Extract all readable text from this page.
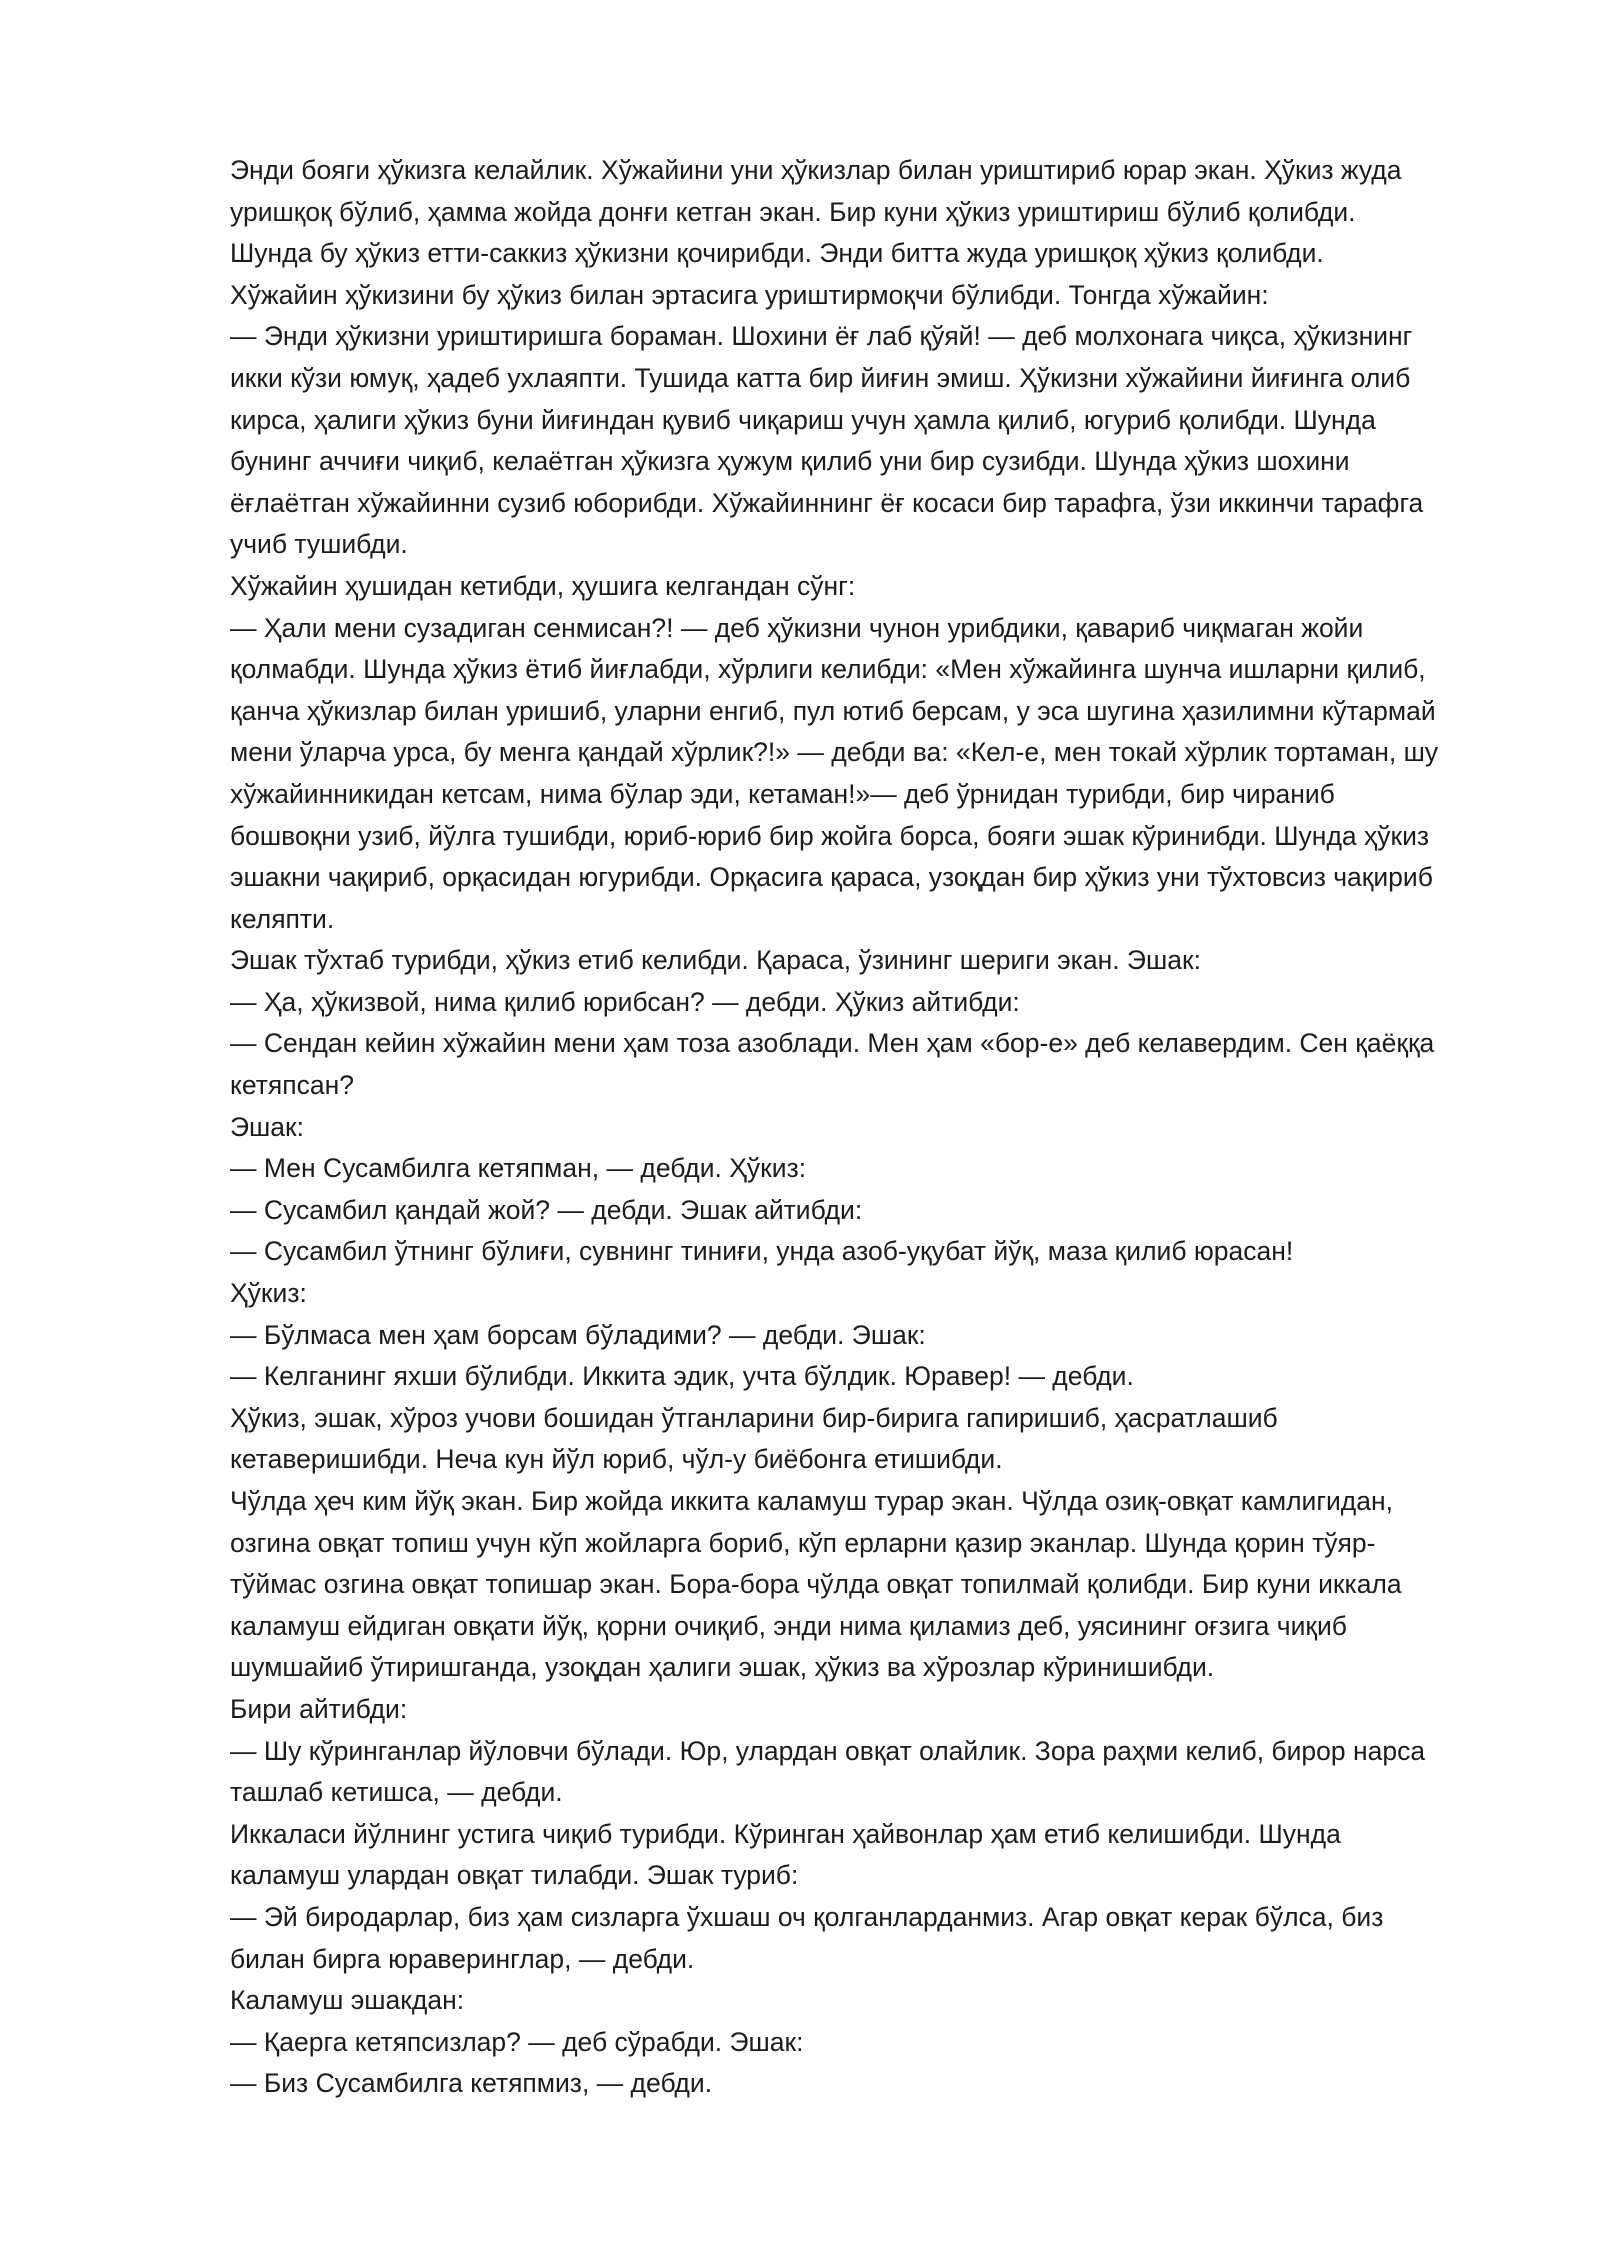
Энди бояги ҳўкизга келайлик. Хўжайини уни ҳўкизлар билан уриштириб юрар экан. Ҳўкиз жуда
уришқоқ бўлиб, ҳамма жойда донғи кетган экан. Бир куни ҳўкиз уриштириш бўлиб қолибди.
Шунда бу ҳўкиз етти-саккиз ҳўкизни қочирибди. Энди битта жуда уришқоқ ҳўкиз қолибди.
Хўжайин ҳўкизини бу ҳўкиз билан эртасига уриштирмоқчи бўлибди. Тонгда хўжайин:
— Энди ҳўкизни уриштиришга бораман. Шохини ёғ лаб қўяй! — деб молхонага чиқса, ҳўкизнинг
икки кўзи юмуқ, ҳадеб ухлаяпти. Тушида катта бир йиғин эмиш. Ҳўкизни хўжайини йиғинга олиб
кирса, ҳалиги ҳўкиз буни йиғиндан қувиб чиқариш учун ҳамла қилиб, югуриб қолибди. Шунда
бунинг аччиғи чиқиб, келаётган ҳўкизга ҳужум қилиб уни бир сузибди. Шунда ҳўкиз шохини
ёғлаётган хўжайинни сузиб юборибди. Хўжайиннинг ёғ косаси бир тарафга, ўзи иккинчи тарафга
учиб тушибди.
Хўжайин ҳушидан кетибди, ҳушига келгандан сўнг:
— Ҳали мени сузадиган сенмисан?! — деб ҳўкизни чунон урибдики, қавариб чиқмаган жойи
қолмабди. Шунда ҳўкиз ётиб йиғлабди, хўрлиги келибди: «Мен хўжайинга шунча ишларни қилиб,
қанча ҳўкизлар билан уришиб, уларни енгиб, пул ютиб берсам, у эса шугина ҳазилимни кўтармай
мени ўларча урса, бу менга қандай хўрлик?!» — дебди ва: «Кел-е, мен токай хўрлик тортаман, шу
хўжайинникидан кетсам, нима бўлар эди, кетаман!»— деб ўрнидан турибди, бир чираниб
бошвоқни узиб, йўлга тушибди, юриб-юриб бир жойга борса, бояги эшак кўринибди. Шунда ҳўкиз
эшакни чақириб, орқасидан югурибди. Орқасига қараса, узоқдан бир ҳўкиз уни тўхтовсиз чақириб
келяпти.
Эшак тўхтаб турибди, ҳўкиз етиб келибди. Қараса, ўзининг шериги экан. Эшак:
— Ҳа, ҳўкизвой, нима қилиб юрибсан? — дебди. Ҳўкиз айтибди:
— Сендан кейин хўжайин мени ҳам тоза азоблади. Мен ҳам «бор-е» деб келавердим. Сен қаёққа
кетяпсан?
Эшак:
— Мен Сусамбилга кетяпман, — дебди. Ҳўкиз:
— Сусамбил қандай жой? — дебди. Эшак айтибди:
— Сусамбил ўтнинг бўлиғи, сувнинг тиниғи, унда азоб-уқубат йўқ, маза қилиб юрасан!
Ҳўкиз:
— Бўлмаса мен ҳам борсам бўладими? — дебди. Эшак:
— Келганинг яхши бўлибди. Иккита эдик, учта бўлдик. Юравер! — дебди.
Ҳўкиз, эшак, хўроз учови бошидан ўтганларини бир-бирига гапиришиб, ҳасратлашиб
кетаверишибди. Неча кун йўл юриб, чўл-у биёбонга етишибди.
Чўлда ҳеч ким йўқ экан. Бир жойда иккита каламуш турар экан. Чўлда озиқ-овқат камлигидан,
озгина овқат топиш учун кўп жойларга бориб, кўп ерларни қазир эканлар. Шунда қорин тўяр-
тўймас озгина овқат топишар экан. Бора-бора чўлда овқат топилмай қолибди. Бир куни иккала
каламуш ейдиган овқати йўқ, қорни очиқиб, энди нима қиламиз деб, уясининг оғзига чиқиб
шумшайиб ўтиришганда, узоқдан ҳалиги эшак, ҳўкиз ва хўрозлар кўринишибди.
Бири айтибди:
— Шу кўринганлар йўловчи бўлади. Юр, улардан овқат олайлик. Зора раҳми келиб, бирор нарса
ташлаб кетишса, — дебди.
Иккаласи йўлнинг устига чиқиб турибди. Кўринган ҳайвонлар ҳам етиб келишибди. Шунда
каламуш улардан овқат тилабди. Эшак туриб:
— Эй биродарлар, биз ҳам сизларга ўхшаш оч қолганларданмиз. Агар овқат керак бўлса, биз
билан бирга юраверинглар, — дебди.
Каламуш эшакдан:
— Қаерга кетяпсизлар? — деб сўрабди. Эшак:
— Биз Сусамбилга кетяпмиз, — дебди.
